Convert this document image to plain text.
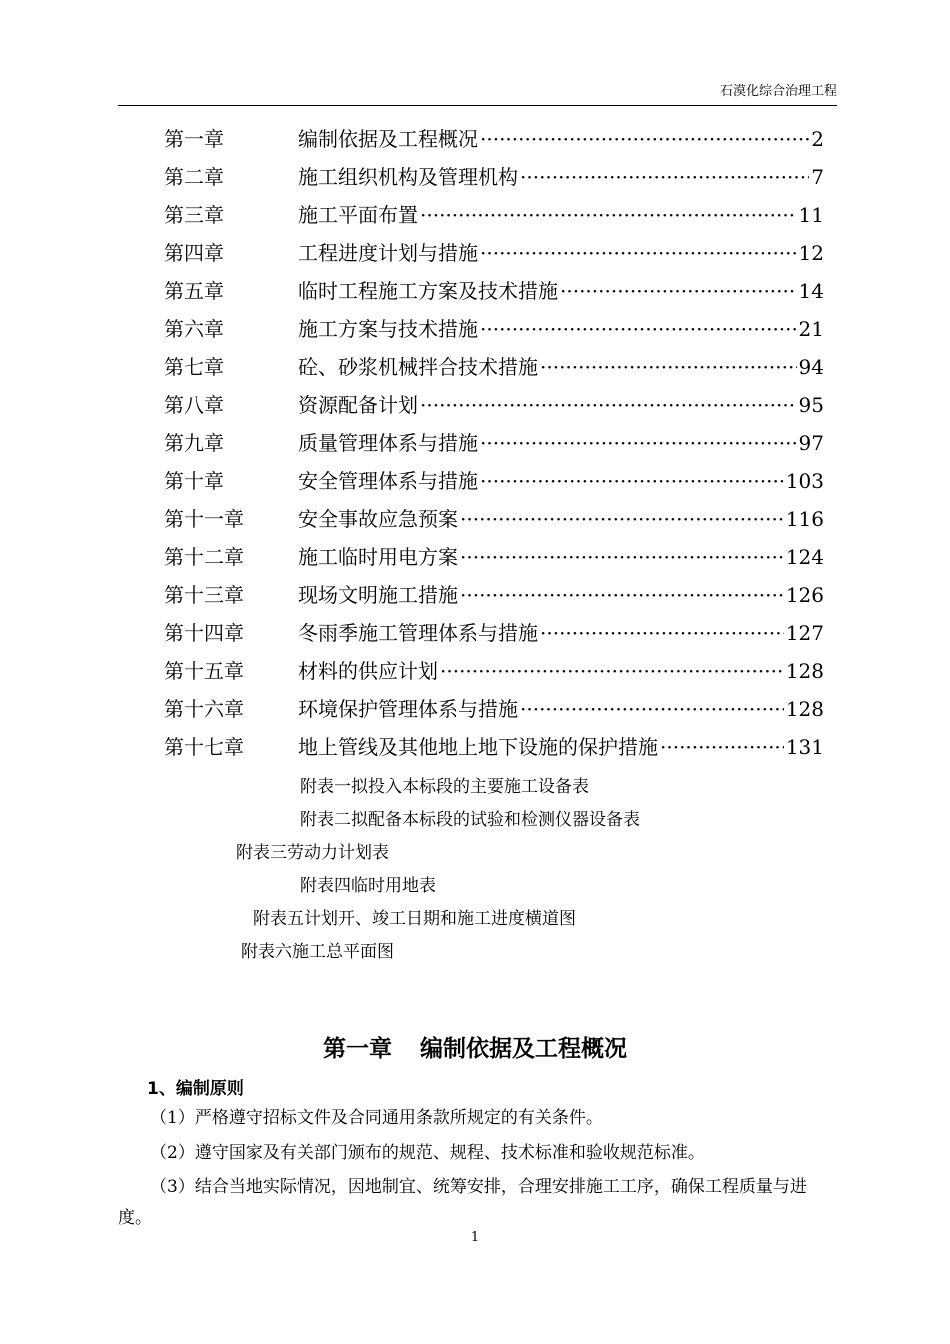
石漠化综合治理工程
第一章	编制依据及工程概况 ·····	2
第二章	施工组织机构及管理机构 ·····	7
第三章	施工平面布置 ·····	11
第四章	工程进度计划与措施 ·····	12
第五章	临时工程施工方案及技术措施 ·····	14
第六章	施工方案与技术措施 ·····	21
第七章	砼、砂浆机械拌合技术措施 ·····	94
第八章	资源配备计划 ·····	95
第九章	质量管理体系与措施 ·····	97
第十章	安全管理体系与措施 ·····	103
第十一章	安全事故应急预案 ·····	116
第十二章	施工临时用电方案 ·····	124
第十三章	现场文明施工措施 ·····	126
第十四章	冬雨季施工管理体系与措施 ·····	127
第十五章	材料的供应计划 ·····	128
第十六章	环境保护管理体系与措施 ·····	128
第十七章	地上管线及其他地上地下设施的保护措施 ·····	131
附表一拟投入本标段的主要施工设备表
附表二拟配备本标段的试验和检测仪器设备表
附表三劳动力计划表
附表四临时用地表
附表五计划开、竣工日期和施工进度横道图
附表六施工总平面图
第一章 编制依据及工程概况
1、编制原则
（1）严格遵守招标文件及合同通用条款所规定的有关条件。
（2）遵守国家及有关部门颁布的规范、规程、技术标准和验收规范标准。
（3）结合当地实际情况，因地制宜、统筹安排，合理安排施工工序，确保工程质量与进度。
1
